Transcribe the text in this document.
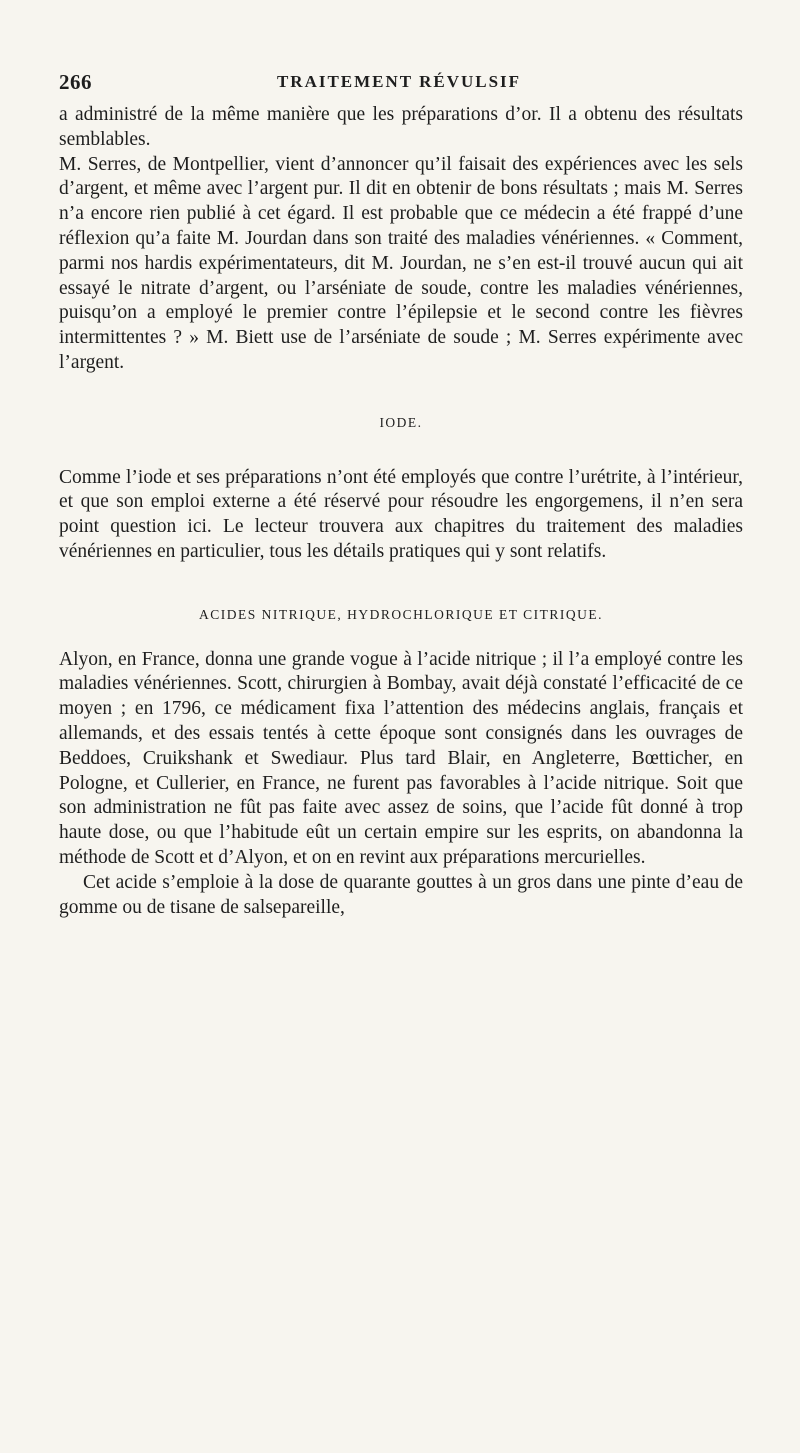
266	TRAITEMENT RÉVULSIF

a administré de la même manière que les préparations d’or. Il a obtenu des résultats semblables.

M. Serres, de Montpellier, vient d’annoncer qu’il faisait des expériences avec les sels d’argent, et même avec l’argent pur. Il dit en obtenir de bons résultats ; mais M. Serres n’a encore rien publié à cet égard. Il est probable que ce médecin a été frappé d’une réflexion qu’a faite M. Jourdan dans son traité des maladies vénériennes. « Comment, parmi nos hardis expérimentateurs, dit M. Jourdan, ne s’en est-il trouvé aucun qui ait essayé le nitrate d’argent, ou l’arséniate de soude, contre les maladies vénériennes, puisqu’on a employé le premier contre l’épilepsie et le second contre les fièvres intermittentes ? » M. Biett use de l’arséniate de soude ; M. Serres expérimente avec l’argent.

IODE.

Comme l’iode et ses préparations n’ont été employés que contre l’urétrite, à l’intérieur, et que son emploi externe a été réservé pour résoudre les engorgemens, il n’en sera point question ici. Le lecteur trouvera aux chapitres du traitement des maladies vénériennes en particulier, tous les détails pratiques qui y sont relatifs.

ACIDES NITRIQUE, HYDROCHLORIQUE ET CITRIQUE.

Alyon, en France, donna une grande vogue à l’acide nitrique ; il l’a employé contre les maladies vénériennes. Scott, chirurgien à Bombay, avait déjà constaté l’efficacité de ce moyen ; en 1796, ce médicament fixa l’attention des médecins anglais, français et allemands, et des essais tentés à cette époque sont consignés dans les ouvrages de Beddoes, Cruikshank et Swediaur. Plus tard Blair, en Angleterre, Bœtticher, en Pologne, et Cullerier, en France, ne furent pas favorables à l’acide nitrique. Soit que son administration ne fût pas faite avec assez de soins, que l’acide fût donné à trop haute dose, ou que l’habitude eût un certain empire sur les esprits, on abandonna la méthode de Scott et d’Alyon, et on en revint aux préparations mercurielles.

Cet acide s’emploie à la dose de quarante gouttes à un gros dans une pinte d’eau de gomme ou de tisane de salsepareille,
